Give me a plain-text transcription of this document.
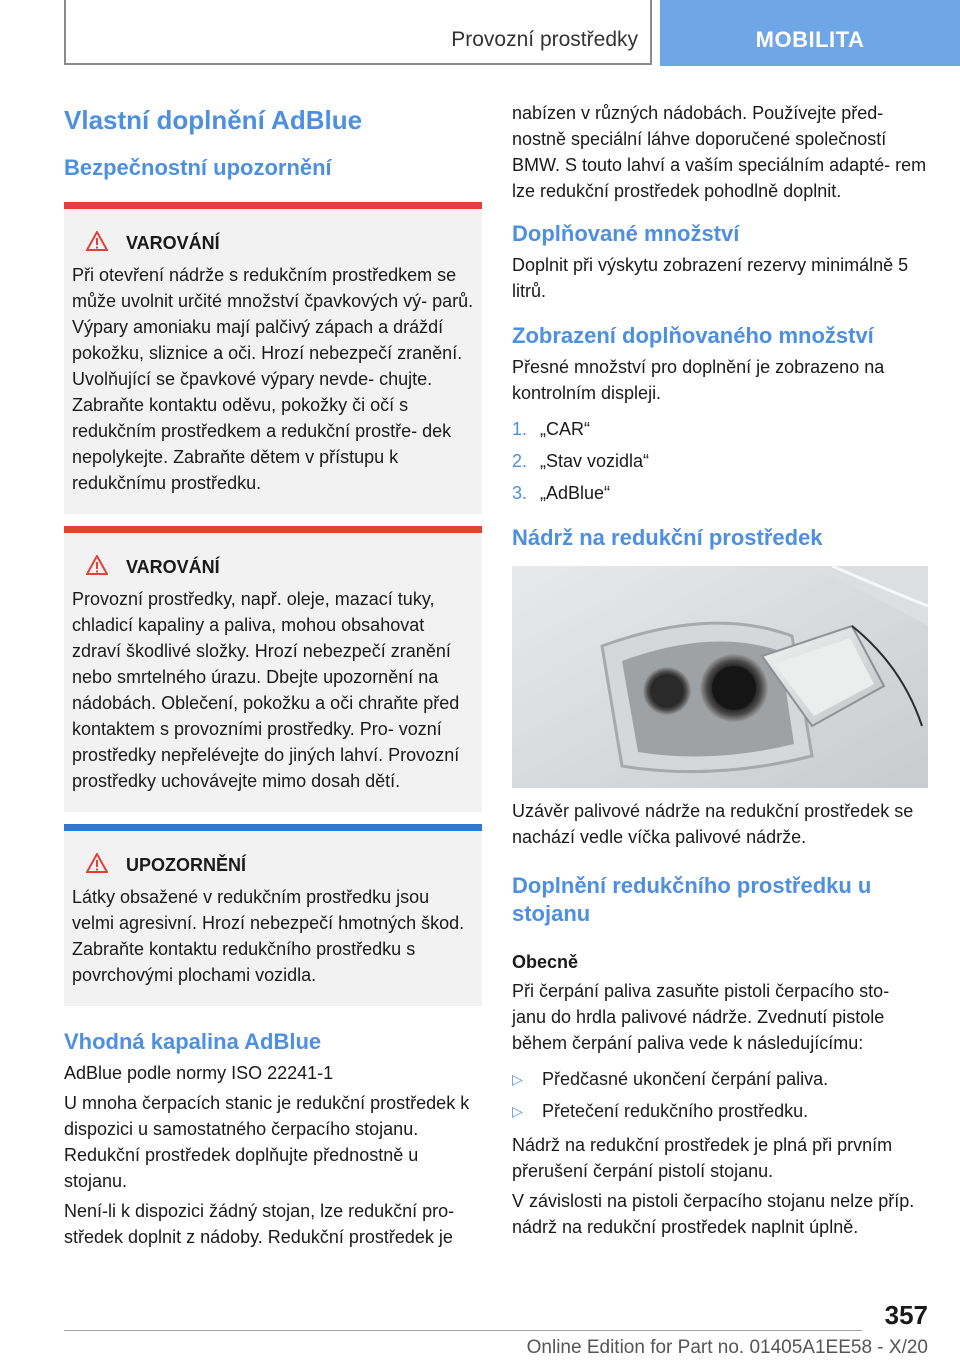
Provozní prostředky	MOBILITA
Vlastní doplnění AdBlue
Bezpečnostní upozornění
VAROVÁNÍ

Při otevření nádrže s redukčním prostředkem se může uvolnit určité množství čpavkových vý‐ parů. Výpary amoniaku mají palčivý zápach a dráždí pokožku, sliznice a oči. Hrozí nebezpečí zranění. Uvolňující se čpavkové výpary nevde‐ chujte. Zabraňte kontaktu oděvu, pokožky či očí s redukčním prostředkem a redukční prostře‐ dek nepolykejte. Zabraňte dětem v přístupu k redukčnímu prostředku.

VAROVÁNÍ

Provozní prostředky, např. oleje, mazací tuky, chladicí kapaliny a paliva, mohou obsahovat zdraví škodlivé složky. Hrozí nebezpečí zranění nebo smrtelného úrazu. Dbejte upozornění na nádobách. Oblečení, pokožku a oči chraňte před kontaktem s provozními prostředky. Pro‐ vozní prostředky nepřelévejte do jiných lahví. Provozní prostředky uchovávejte mimo dosah dětí.

UPOZORNĚNÍ

Látky obsažené v redukčním prostředku jsou velmi agresivní. Hrozí nebezpečí hmotných škod. Zabraňte kontaktu redukčního prostředku s povrchovými plochami vozidla.

Vhodná kapalina AdBlue

AdBlue podle normy ISO 22241-1

U mnoha čerpacích stanic je redukční prostředek k dispozici u samostatného čerpacího stojanu. Redukční prostředek doplňujte přednostně u stojanu.

Není-li k dispozici žádný stojan, lze redukční pro‐ středek doplnit z nádoby. Redukční prostředek je

nabízen v různých nádobách. Používejte před‐ nostně speciální láhve doporučené společností BMW. S touto lahví a vaším speciálním adapté‐ rem lze redukční prostředek pohodlně doplnit.

Doplňované množství

Doplnit při výskytu zobrazení rezervy minimálně 5 litrů.

Zobrazení doplňovaného množství

Přesné množství pro doplnění je zobrazeno na kontrolním displeji.

1. „CAR“
2. „Stav vozidla“
3. „AdBlue“
Nádrž na redukční prostředek

Uzávěr palivové nádrže na redukční prostředek se nachází vedle víčka palivové nádrže.

Doplnění redukčního prostředku u stojanu
Obecně

Při čerpání paliva zasuňte pistoli čerpacího sto‐ janu do hrdla palivové nádrže. Zvednutí pistole během čerpání paliva vede k následujícímu:

▷	Předčasné ukončení čerpání paliva.
▷	Přetečení redukčního prostředku.

Nádrž na redukční prostředek je plná při prvním přerušení čerpání pistolí stojanu.

V závislosti na pistoli čerpacího stojanu nelze příp. nádrž na redukční prostředek naplnit úplně.

357
Online Edition for Part no. 01405A1EE58 - X/20
